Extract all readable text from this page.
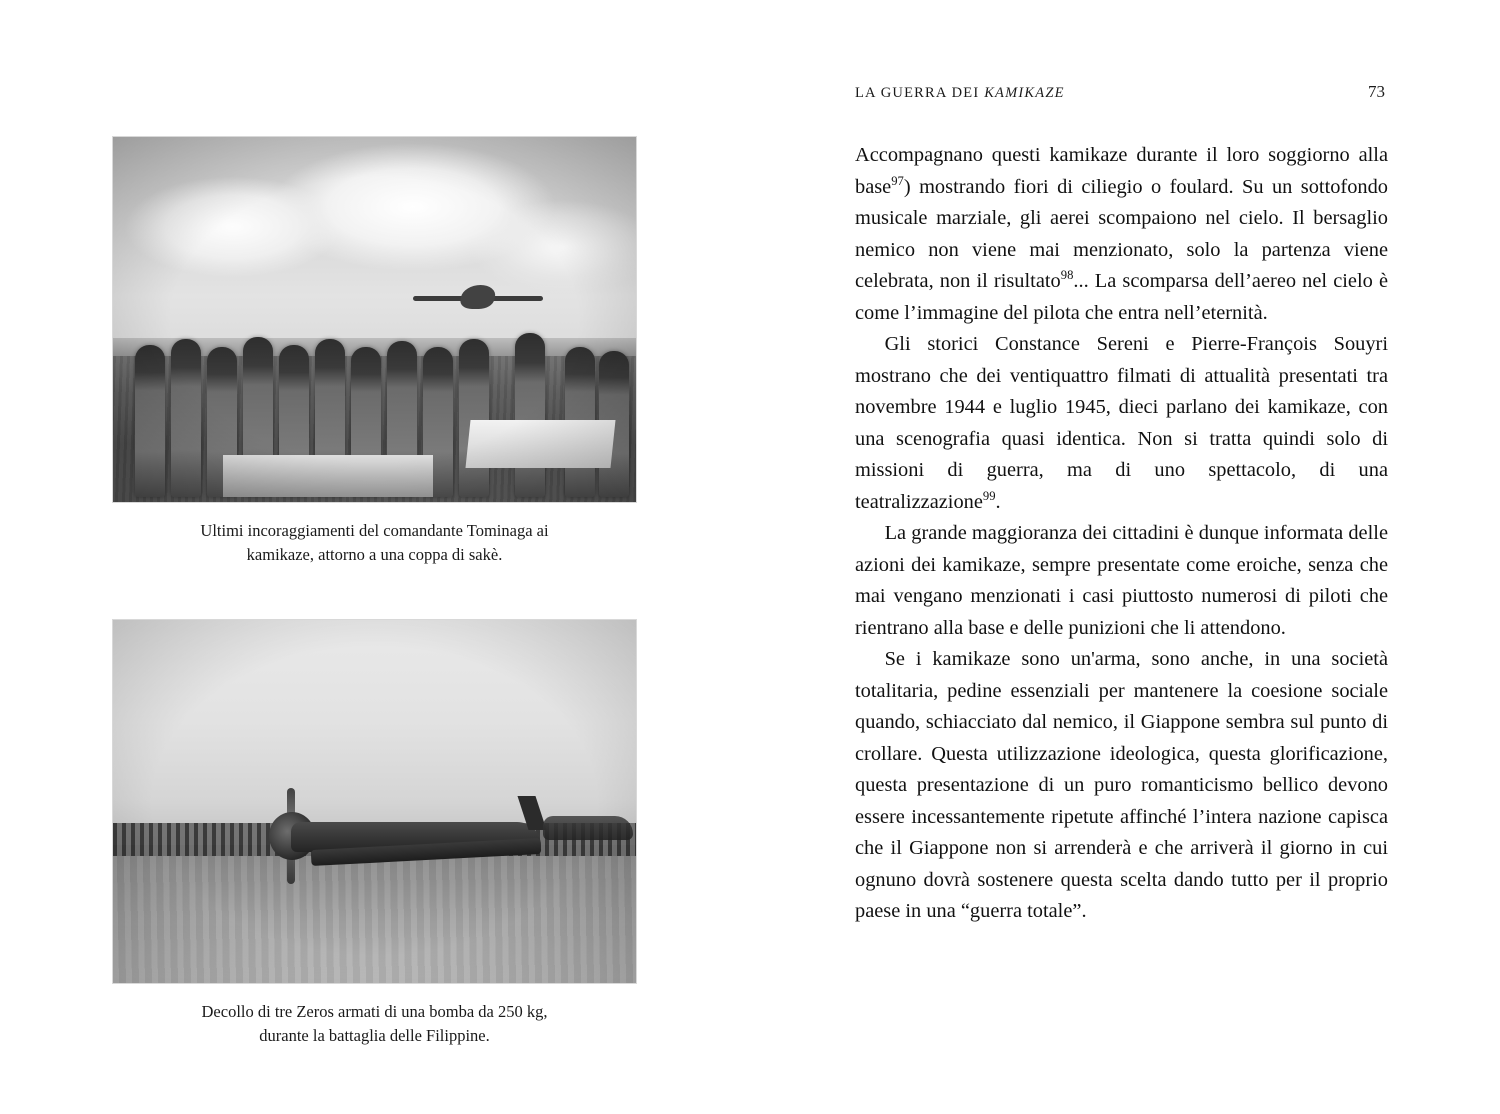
LA GUERRA DEI KAMIKAZE	73
Ultimi incoraggiamenti del comandante Tominaga ai
kamikaze, attorno a una coppa di sakè.
Decollo di tre Zeros armati di una bomba da 250 kg,
durante la battaglia delle Filippine.

Accompagnano questi kamikaze durante il loro soggiorno alla base$^{97}$) mostrando fiori di ciliegio o foulard. Su un sottofondo musicale marziale, gli aerei scompaiono nel cielo. Il bersaglio nemico non viene mai menzionato, solo la partenza viene celebrata, non il risultato$^{98}$... La scomparsa dell’aereo nel cielo è come l’immagine del pilota che entra nell’eternità.

Gli storici Constance Sereni e Pierre-François Souyri mostrano che dei ventiquattro filmati di attualità presentati tra novembre 1944 e luglio 1945, dieci parlano dei kamikaze, con una scenografia quasi identica. Non si tratta quindi solo di missioni di guerra, ma di uno spettacolo, di una teatralizzazione$^{99}$.

La grande maggioranza dei cittadini è dunque informata delle azioni dei kamikaze, sempre presentate come eroiche, senza che mai vengano menzionati i casi piuttosto numerosi di piloti che rientrano alla base e delle punizioni che li attendono.

Se i kamikaze sono un'arma, sono anche, in una società totalitaria, pedine essenziali per mantenere la coesione sociale quando, schiacciato dal nemico, il Giappone sembra sul punto di crollare. Questa utilizzazione ideologica, questa glorificazione, questa presentazione di un puro romanticismo bellico devono essere incessantemente ripetute affinché l’intera nazione capisca che il Giappone non si arrenderà e che arriverà il giorno in cui ognuno dovrà sostenere questa scelta dando tutto per il proprio paese in una “guerra totale”.
